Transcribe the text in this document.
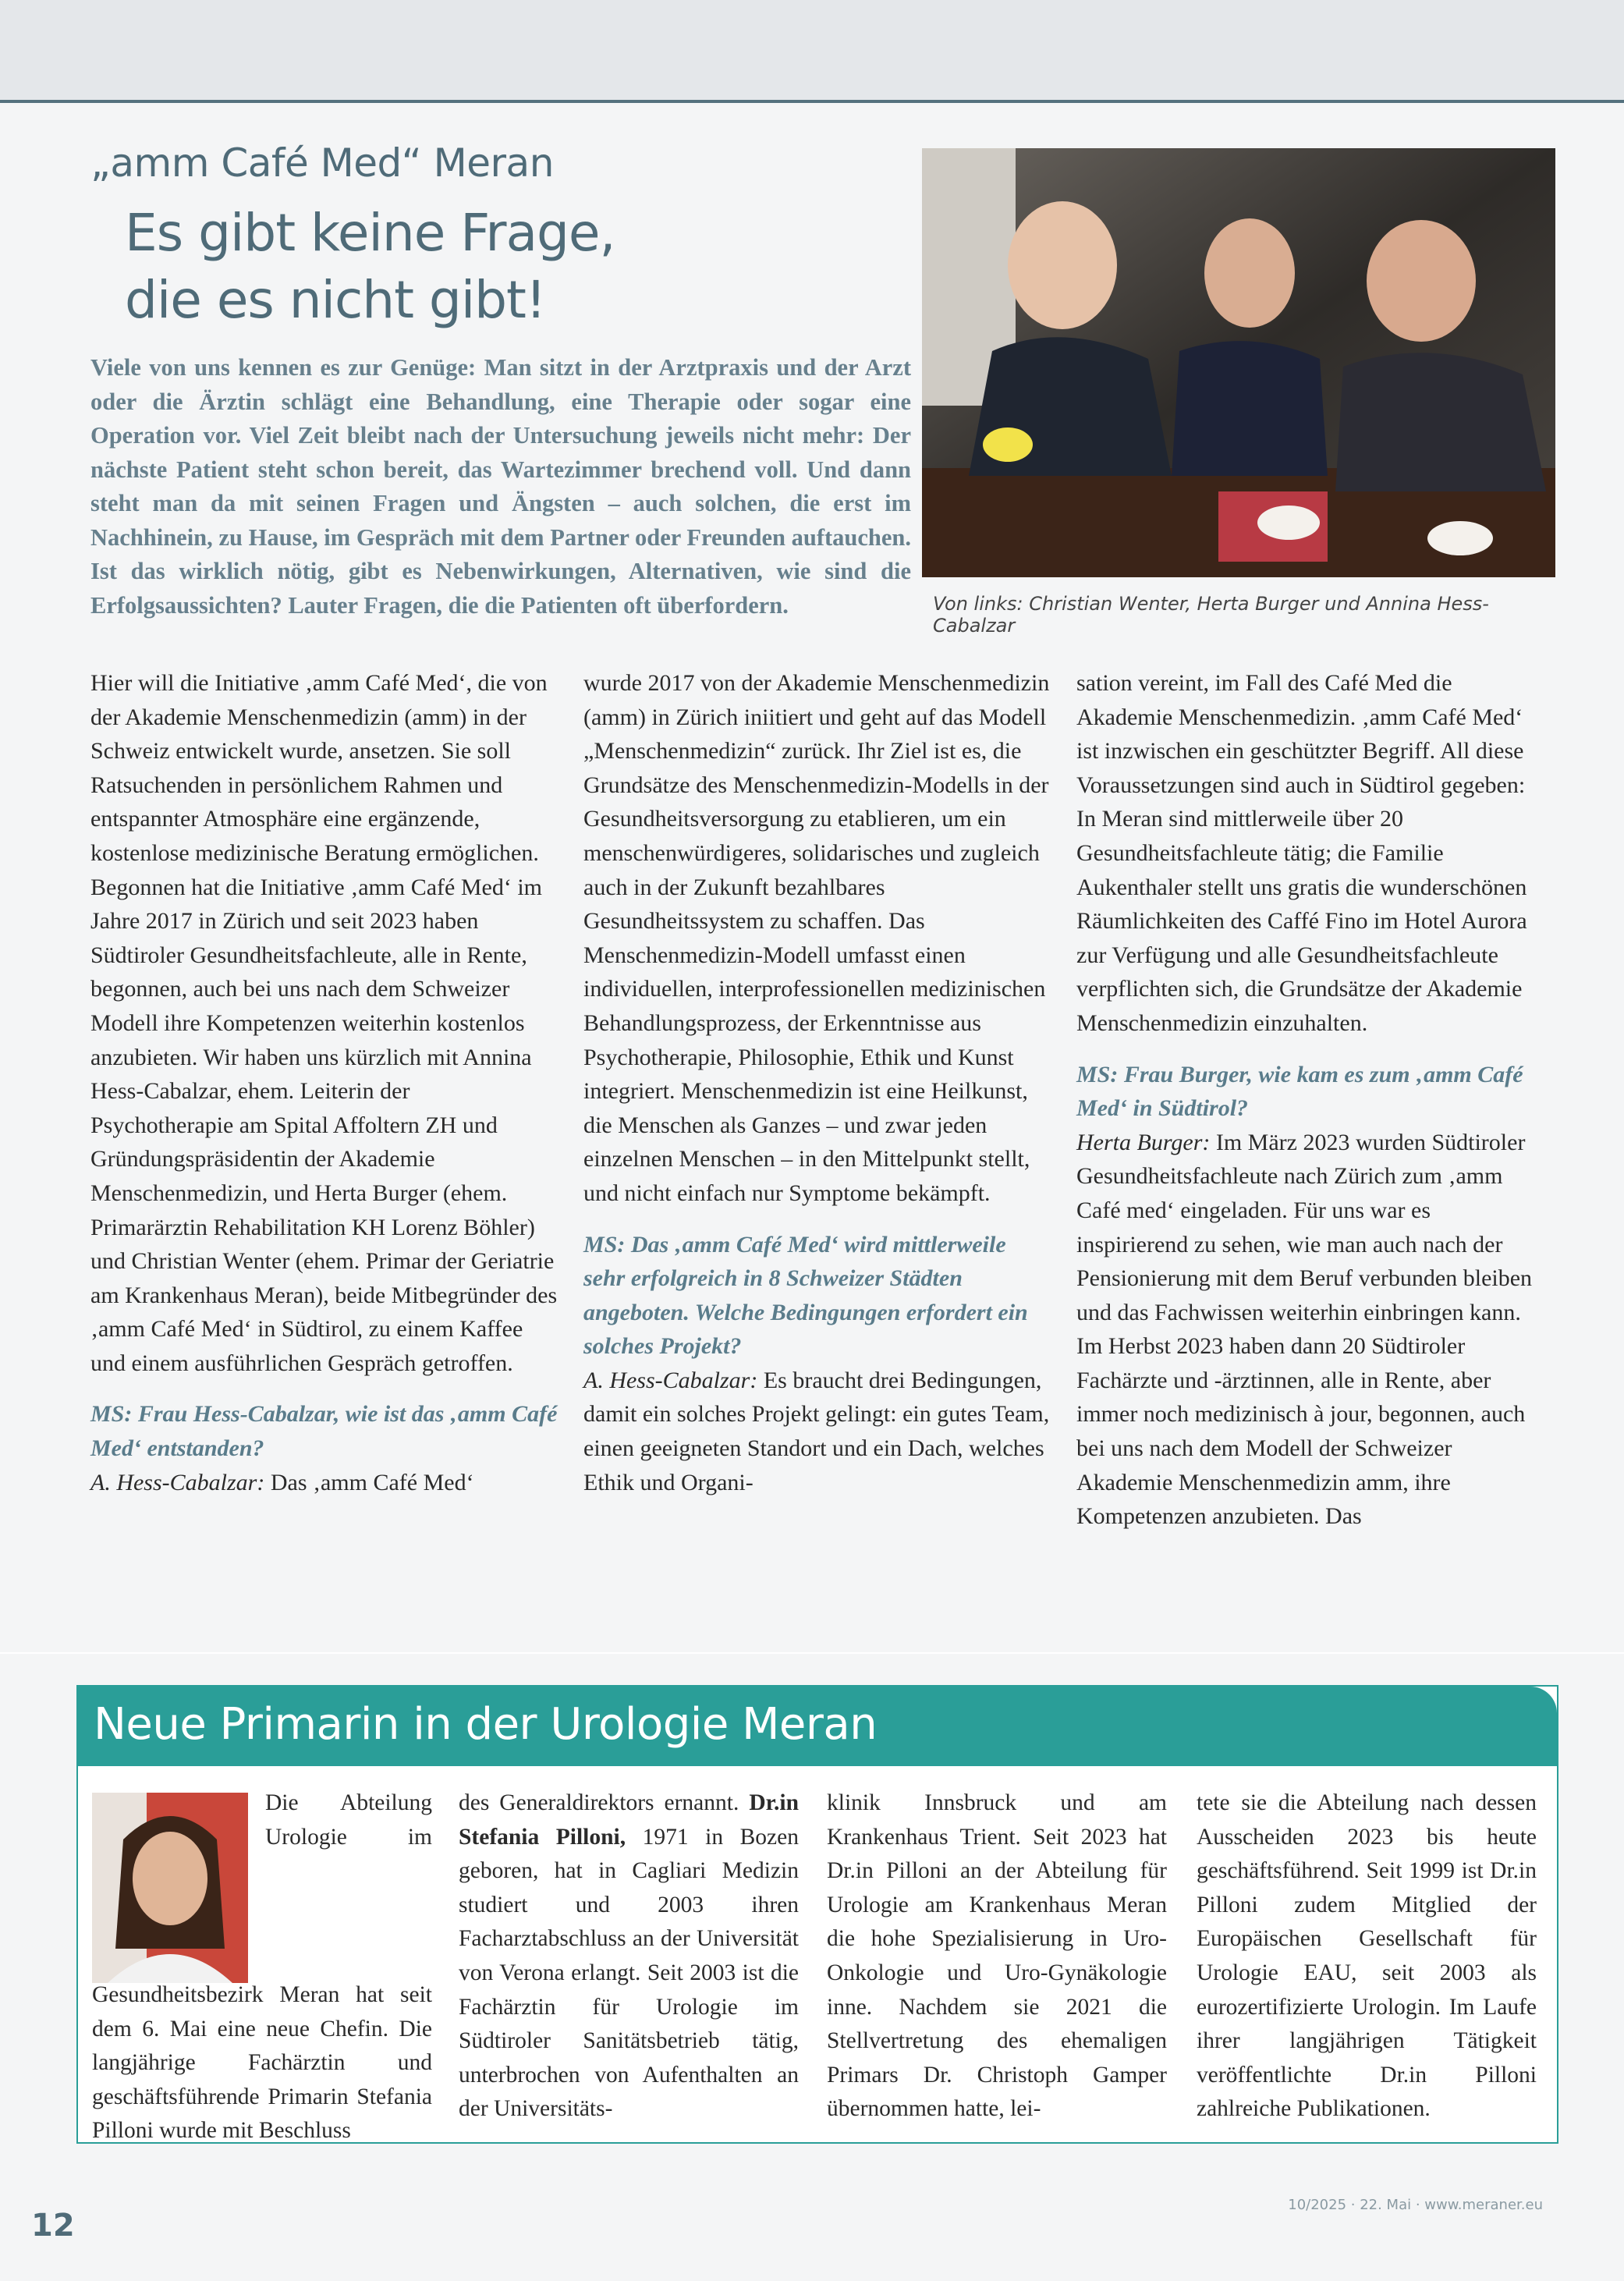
„amm Café Med“ Meran
Es gibt keine Frage,
die es nicht gibt!
Viele von uns kennen es zur Genüge: Man sitzt in der Arztpraxis und der Arzt oder die Ärztin schlägt eine Behandlung, eine Therapie oder sogar eine Operation vor. Viel Zeit bleibt nach der Untersuchung jeweils nicht mehr: Der nächste Patient steht schon bereit, das Wartezimmer brechend voll. Und dann steht man da mit seinen Fragen und Ängsten – auch solchen, die erst im Nachhinein, zu Hause, im Gespräch mit dem Partner oder Freunden auftauchen. Ist das wirklich nötig, gibt es Nebenwirkungen, Alternativen, wie sind die Erfolgsaussichten? Lauter Fragen, die die Patienten oft überfordern.	Von links: Christian Wenter, Herta Burger und Annina Hess-Cabalzar

Hier will die Initiative ‚amm Café Med‘, die von der Akademie Menschenmedizin (amm) in der Schweiz entwickelt wurde, ansetzen. Sie soll Ratsuchenden in persönlichem Rahmen und entspannter Atmosphäre eine ergänzende, kostenlose medizinische Beratung ermöglichen. Begonnen hat die Initiative ‚amm Café Med‘ im Jahre 2017 in Zürich und seit 2023 haben Südtiroler Gesundheitsfachleute, alle in Rente, begonnen, auch bei uns nach dem Schweizer Modell ihre Kompetenzen weiterhin kostenlos anzubieten. Wir haben uns kürzlich mit Annina Hess-Cabalzar, ehem. Leiterin der Psychotherapie am Spital Affoltern ZH und Gründungspräsidentin der Akademie Menschenmedizin, und Herta Burger (ehem. Primarärztin Rehabilitation KH Lorenz Böhler) und Christian Wenter (ehem. Primar der Geriatrie am Krankenhaus Meran), beide Mitbegründer des ‚amm Café Med‘ in Südtirol, zu einem Kaffee und einem ausführlichen Gespräch getroffen.

MS: Frau Hess-Cabalzar, wie ist das ‚amm Café Med‘ entstanden?

A. Hess-Cabalzar: Das ‚amm Café Med‘

wurde 2017 von der Akademie Menschenmedizin (amm) in Zürich iniitiert und geht auf das Modell „Menschenmedizin“ zurück. Ihr Ziel ist es, die Grundsätze des Menschenmedizin-Modells in der Gesundheitsversorgung zu etablieren, um ein menschenwürdigeres, solidarisches und zugleich auch in der Zukunft bezahlbares Gesundheitssystem zu schaffen. Das Menschenmedizin-Modell umfasst einen individuellen, interprofessionellen medizinischen Behandlungsprozess, der Erkenntnisse aus Psychotherapie, Philosophie, Ethik und Kunst integriert. Menschenmedizin ist eine Heilkunst, die Menschen als Ganzes – und zwar jeden einzelnen Menschen – in den Mittelpunkt stellt, und nicht einfach nur Symptome bekämpft.

MS: Das ‚amm Café Med‘ wird mittlerweile sehr erfolgreich in 8 Schweizer Städten angeboten. Welche Bedingungen erfordert ein solches Projekt?

A. Hess-Cabalzar: Es braucht drei Bedingungen, damit ein solches Projekt gelingt: ein gutes Team, einen geeigneten Standort und ein Dach, welches Ethik und Organi-

sation vereint, im Fall des Café Med die Akademie Menschenmedizin. ‚amm Café Med‘ ist inzwischen ein geschützter Begriff. All diese Voraussetzungen sind auch in Südtirol gegeben: In Meran sind mittlerweile über 20 Gesundheitsfachleute tätig; die Familie Aukenthaler stellt uns gratis die wunderschönen Räumlichkeiten des Caffé Fino im Hotel Aurora zur Verfügung und alle Gesundheitsfachleute verpflichten sich, die Grundsätze der Akademie Menschenmedizin einzuhalten.

MS: Frau Burger, wie kam es zum ‚amm Café Med‘ in Südtirol?

Herta Burger: Im März 2023 wurden Südtiroler Gesundheitsfachleute nach Zürich zum ‚amm Café med‘ eingeladen. Für uns war es inspirierend zu sehen, wie man auch nach der Pensionierung mit dem Beruf verbunden bleiben und das Fachwissen weiterhin einbringen kann. Im Herbst 2023 haben dann 20 Südtiroler Fachärzte und -ärztinnen, alle in Rente, aber immer noch medizinisch à jour, begonnen, auch bei uns nach dem Modell der Schweizer Akademie Menschenmedizin amm, ihre Kompetenzen anzubieten. Das

Neue Primarin in der Urologie Meran

Die Abteilung Urologie im Gesundheitsbezirk Meran hat seit dem 6. Mai eine neue Chefin. Die langjährige Fachärztin und geschäftsführende Primarin Stefania Pilloni wurde mit Beschluss

des Generaldirektors ernannt. Dr.in Stefania Pilloni, 1971 in Bozen geboren, hat in Cagliari Medizin studiert und 2003 ihren Facharztabschluss an der Universität von Verona erlangt. Seit 2003 ist die Fachärztin für Urologie im Südtiroler Sanitätsbetrieb tätig, unterbrochen von Aufenthalten an der Universitäts-

klinik Innsbruck und am Krankenhaus Trient. Seit 2023 hat Dr.in Pilloni an der Abteilung für Urologie am Krankenhaus Meran die hohe Spezialisierung in Uro-Onkologie und Uro-Gynäkologie inne. Nachdem sie 2021 die Stellvertretung des ehemaligen Primars Dr. Christoph Gamper übernommen hatte, lei-

tete sie die Abteilung nach dessen Ausscheiden 2023 bis heute geschäftsführend. Seit 1999 ist Dr.in Pilloni zudem Mitglied der Europäischen Gesellschaft für Urologie EAU, seit 2003 als eurozertifizierte Urologin. Im Laufe ihrer langjährigen Tätigkeit veröffentlichte Dr.in Pilloni zahlreiche Publikationen.

12
10/2025 · 22. Mai · www.meraner.eu
